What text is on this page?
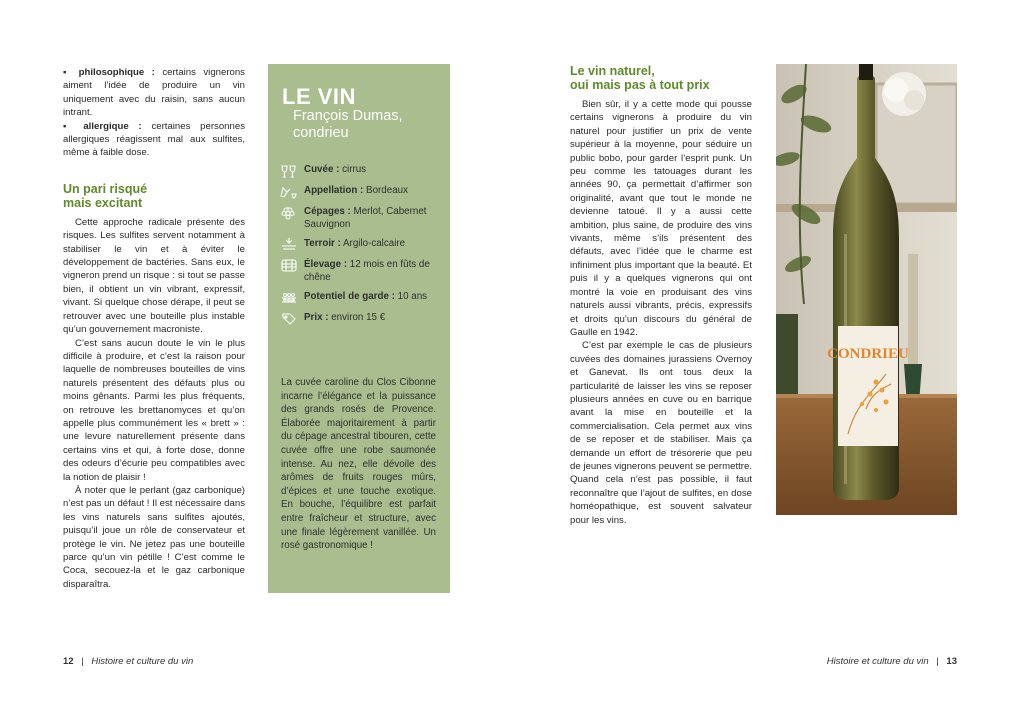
▪ philosophique : certains vignerons aiment l’idée de produire un vin uniquement avec du raisin, sans aucun intrant.

▪ allergique : certaines personnes allergiques réagissent mal aux sulfites, même à faible dose.

Un pari risqué
mais excitant

Cette approche radicale présente des risques. Les sulfites servent notamment à stabiliser le vin et à éviter le développement de bactéries. Sans eux, le vigneron prend un risque : si tout se passe bien, il obtient un vin vibrant, expressif, vivant. Si quelque chose dérape, il peut se retrouver avec une bouteille plus instable qu’un gouvernement macroniste.

C’est sans aucun doute le vin le plus difficile à produire, et c’est la raison pour laquelle de nombreuses bouteilles de vins naturels présentent des défauts plus ou moins gênants. Parmi les plus fréquents, on retrouve les brettanomyces et qu’on appelle plus communément les « brett » : une levure naturellement présente dans certains vins et qui, à forte dose, donne des odeurs d’écurie peu compatibles avec la notion de plaisir !

À noter que le perlant (gaz carbonique) n’est pas un défaut ! Il est nécessaire dans les vins naturels sans sulfites ajoutés, puisqu’il joue un rôle de conservateur et protège le vin. Ne jetez pas une bouteille parce qu’un vin pétille ! C’est comme le Coca, secouez-la et le gaz carbonique disparaîtra.

LE VIN
François Dumas, condrieu
Cuvée : cirrus
Appellation : Bordeaux
Cépages : Merlot, Cabernet Sauvignon
Terroir : Argilo-calcaire
Élevage : 12 mois en fûts de chêne
Potentiel de garde : 10 ans
Prix : environ 15 €
La cuvée caroline du Clos Cibonne incarne l’élégance et la puissance des grands rosés de Provence. Élaborée majoritairement à partir du cépage ancestral tibouren, cette cuvée offre une robe saumonée intense. Au nez, elle dévoile des arômes de fruits rouges mûrs, d’épices et une touche exotique. En bouche, l’équilibre est parfait entre fraîcheur et structure, avec une finale légèrement vanillée. Un rosé gastronomique !
Le vin naturel,
oui mais pas à tout prix

Bien sûr, il y a cette mode qui pousse certains vignerons à produire du vin naturel pour justifier un prix de vente supérieur à la moyenne, pour séduire un public bobo, pour garder l’esprit punk. Un peu comme les tatouages durant les années 90, ça permettait d’affirmer son originalité, avant que tout le monde ne devienne tatoué. Il y a aussi cette ambition, plus saine, de produire des vins vivants, même s’ils présentent des défauts, avec l’idée que le charme est infiniment plus important que la beauté. Et puis il y a quelques vignerons qui ont montré la voie en produisant des vins naturels aussi vibrants, précis, expressifs et droits qu’un discours du général de Gaulle en 1942.

C’est par exemple le cas de plusieurs cuvées des domaines jurassiens Overnoy et Ganevat. Ils ont tous deux la particularité de laisser les vins se reposer plusieurs années en cuve ou en barrique avant la mise en bouteille et la commercialisation. Cela permet aux vins de se reposer et de stabiliser. Mais ça demande un effort de trésorerie que peu de jeunes vignerons peuvent se permettre. Quand cela n’est pas possible, il faut reconnaître que l’ajout de sulfites, en dose homéopathique, est souvent salvateur pour les vins.

CONDRIEU
12 | Histoire et culture du vin	Histoire et culture du vin | 13
